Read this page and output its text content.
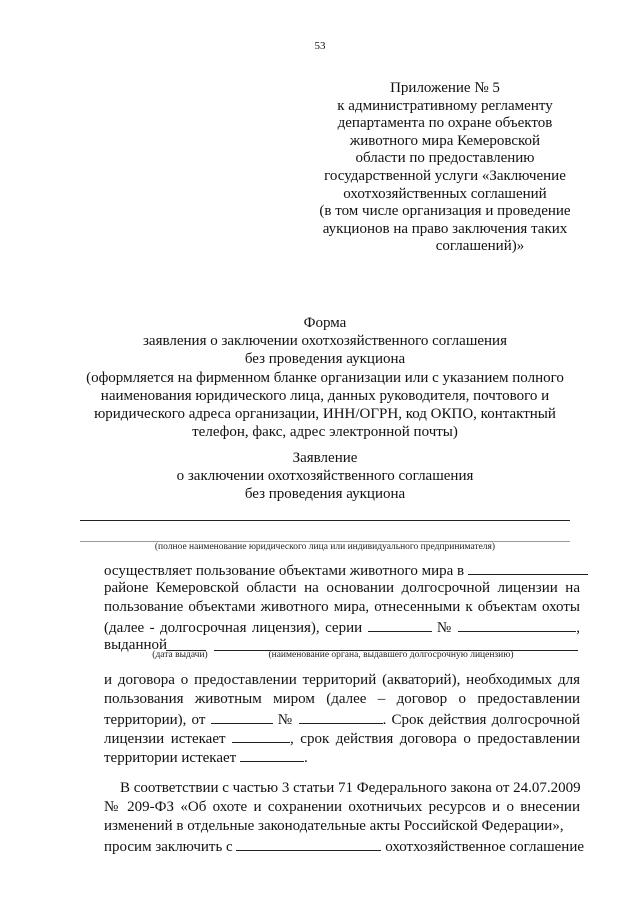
53
Приложение № 5
к административному регламенту
департамента по охране объектов
животного мира Кемеровской
области по предоставлению
государственной услуги «Заключение
охотхозяйственных соглашений
(в том числе организация и проведение
аукционов на право заключения таких
соглашений)»
Форма
заявления о заключении охотхозяйственного соглашения
без проведения аукциона
(оформляется на фирменном бланке организации или с указанием полного
наименования юридического лица, данных руководителя, почтового и
юридического адреса организации, ИНН/ОГРН, код ОКПО, контактный
телефон, факс, адрес электронной почты)
Заявление
о заключении охотхозяйственного соглашения
без проведения аукциона
(полное наименование юридического лица или индивидуального предпринимателя)
осуществляет пользование объектами животного мира в
районе Кемеровской области на основании долгосрочной лицензии на
пользование объектами животного мира, отнесенными к объектам охоты
(далее - долгосрочная лицензия), серии	№	,
выданной
(дата выдачи)	(наименование органа, выдавшего долгосрочную лицензию)
и договора о предоставлении территорий (акваторий), необходимых для
пользования животным миром (далее – договор о предоставлении
территории), от	№	. Срок действия долгосрочной
лицензии истекает	, срок действия договора о предоставлении
территории истекает	.
В соответствии с частью 3 статьи 71 Федерального закона от 24.07.2009
№ 209-ФЗ «Об охоте и сохранении охотничьих ресурсов и о внесении
изменений в отдельные законодательные акты Российской Федерации»,
просим заключить с	охотхозяйственное соглашение
